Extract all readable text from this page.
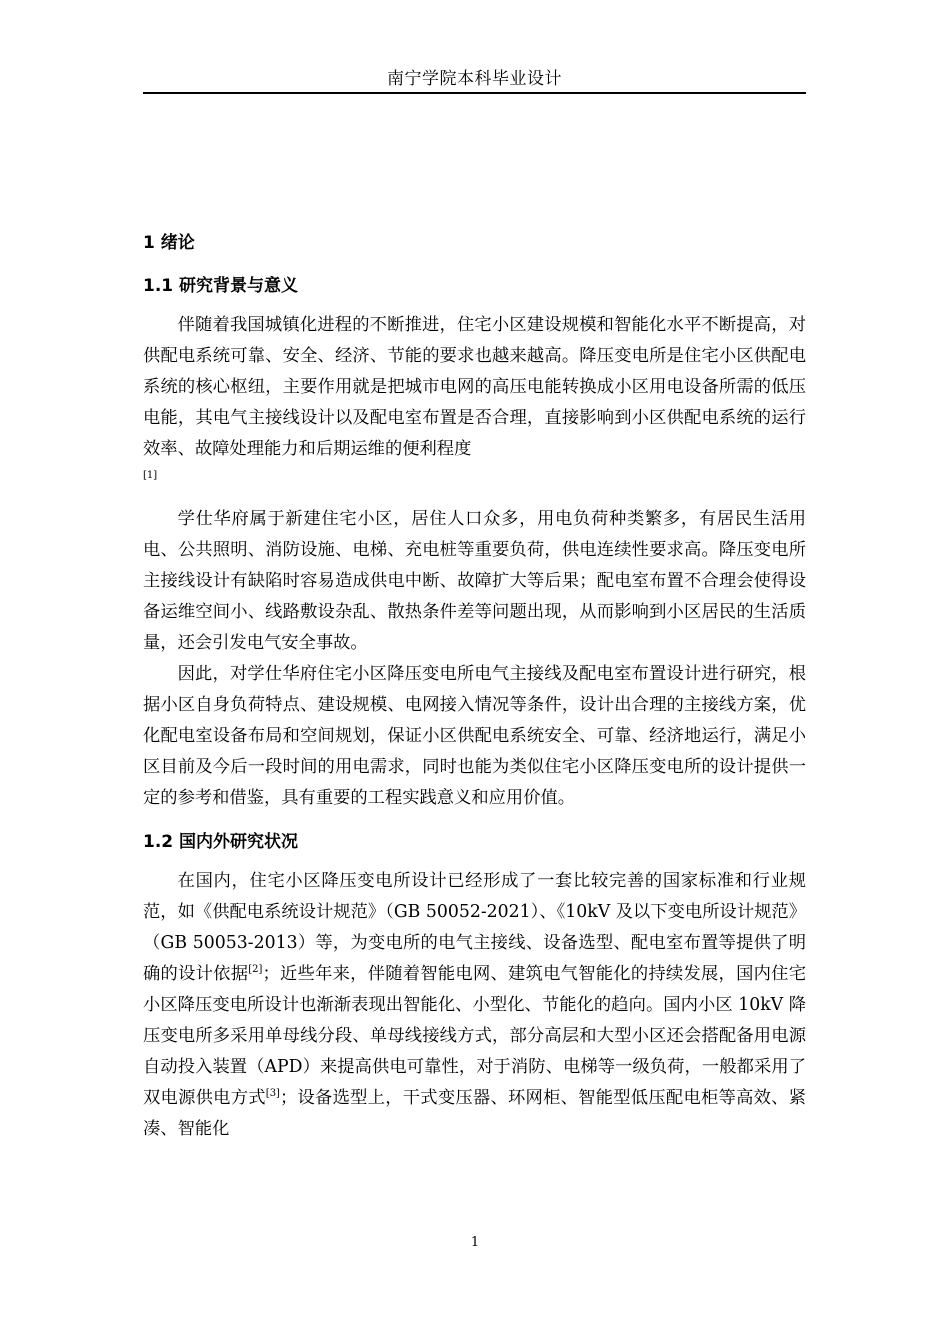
南宁学院本科毕业设计
1 绪论
1.1 研究背景与意义

伴随着我国城镇化进程的不断推进，住宅小区建设规模和智能化水平不断提高，对供配电系统可靠、安全、经济、节能的要求也越来越高。降压变电所是住宅小区供配电系统的核心枢纽，主要作用就是把城市电网的高压电能转换成小区用电设备所需的低压电能，其电气主接线设计以及配电室布置是否合理，直接影响到小区供配电系统的运行效率、故障处理能力和后期运维的便利程度
[1]

学仕华府属于新建住宅小区，居住人口众多，用电负荷种类繁多，有居民生活用电、公共照明、消防设施、电梯、充电桩等重要负荷，供电连续性要求高。降压变电所主接线设计有缺陷时容易造成供电中断、故障扩大等后果；配电室布置不合理会使得设备运维空间小、线路敷设杂乱、散热条件差等问题出现，从而影响到小区居民的生活质量，还会引发电气安全事故。

因此，对学仕华府住宅小区降压变电所电气主接线及配电室布置设计进行研究，根据小区自身负荷特点、建设规模、电网接入情况等条件，设计出合理的主接线方案，优化配电室设备布局和空间规划，保证小区供配电系统安全、可靠、经济地运行，满足小区目前及今后一段时间的用电需求，同时也能为类似住宅小区降压变电所的设计提供一定的参考和借鉴，具有重要的工程实践意义和应用价值。

1.2 国内外研究状况

在国内，住宅小区降压变电所设计已经形成了一套比较完善的国家标准和行业规范，如《供配电系统设计规范》（GB 50052-2021）、《10kV 及以下变电所设计规范》（GB 50053-2013）等，为变电所的电气主接线、设备选型、配电室布置等提供了明确的设计依据[2]；近些年来，伴随着智能电网、建筑电气智能化的持续发展，国内住宅小区降压变电所设计也渐渐表现出智能化、小型化、节能化的趋向。国内小区 10kV 降压变电所多采用单母线分段、单母线接线方式，部分高层和大型小区还会搭配备用电源自动投入装置（APD）来提高供电可靠性，对于消防、电梯等一级负荷，一般都采用了双电源供电方式[3]；设备选型上，干式变压器、环网柜、智能型低压配电柜等高效、紧凑、智能化

1
